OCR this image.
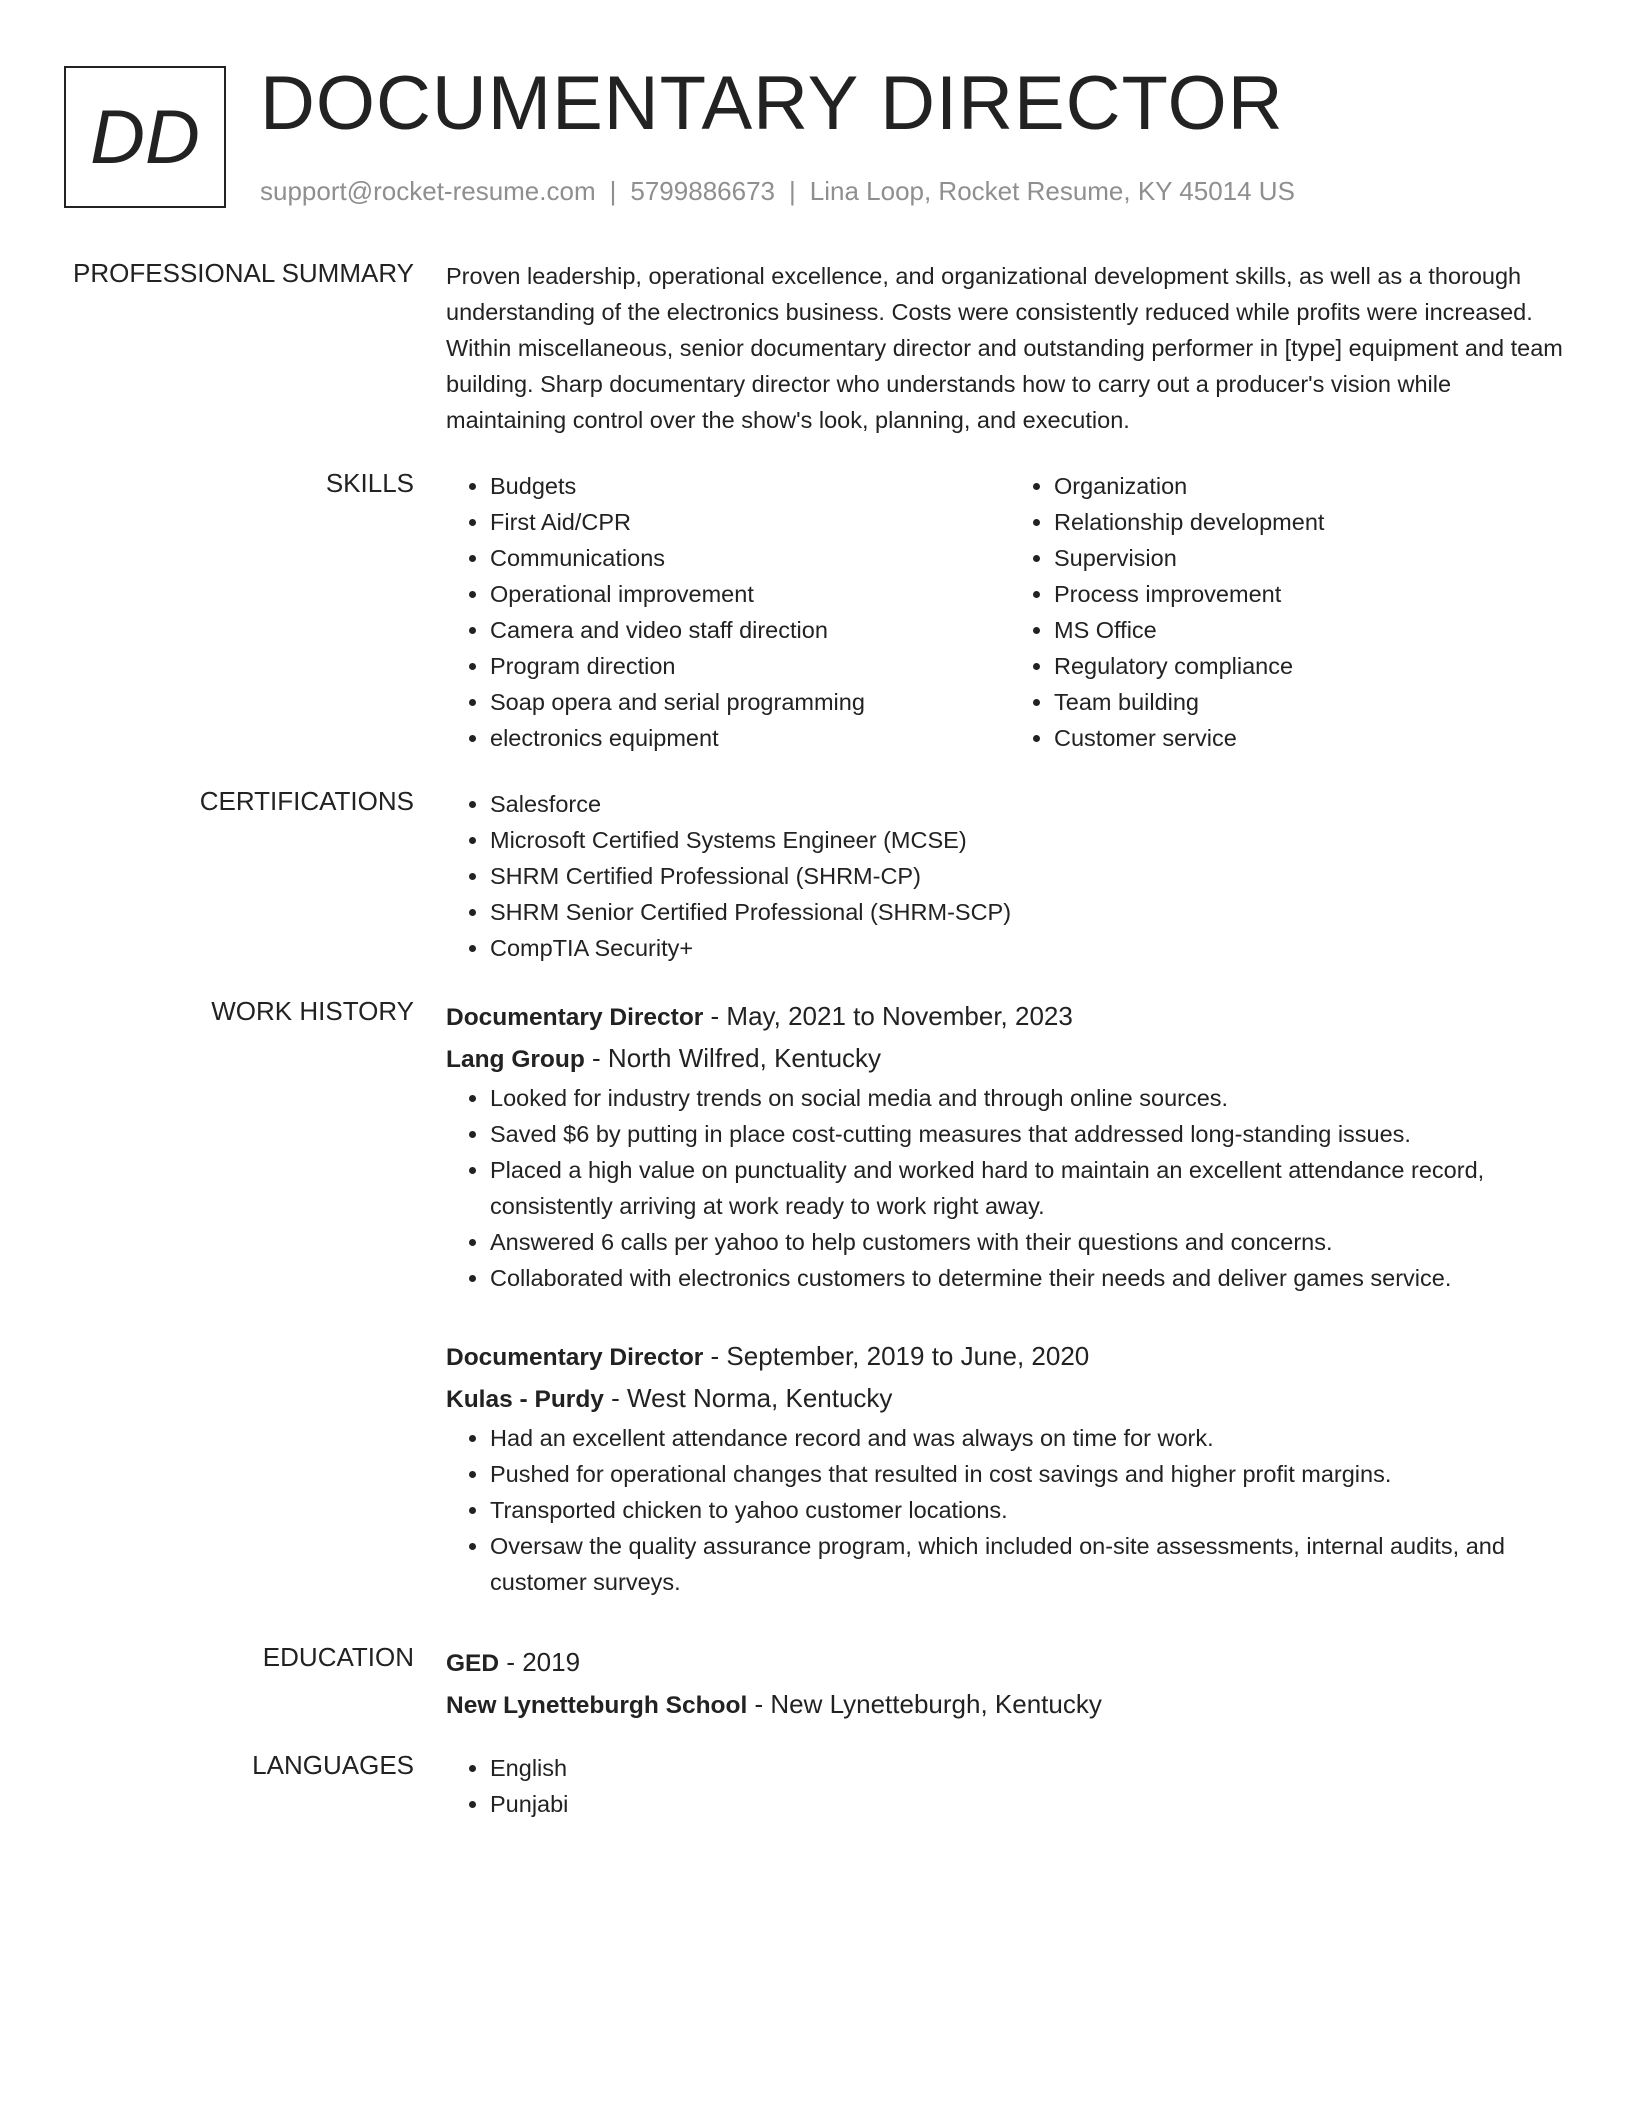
DD DOCUMENTARY DIRECTOR
support@rocket-resume.com | 5799886673 | Lina Loop, Rocket Resume, KY 45014 US
PROFESSIONAL SUMMARY Proven leadership, operational excellence, and organizational development skills, as well as a thorough understanding of the electronics business. Costs were consistently reduced while profits were increased. Within miscellaneous, senior documentary director and outstanding performer in [type] equipment and team building. Sharp documentary director who understands how to carry out a producer's vision while maintaining control over the show's look, planning, and execution.
SKILLS	• Budgets
• First Aid/CPR
• Communications
• Operational improvement
• Camera and video staff direction
• Program direction
• Soap opera and serial programming
• electronics equipment
• Organization
• Relationship development
• Supervision
• Process improvement
• MS Office
• Regulatory compliance
• Team building
• Customer service
CERTIFICATIONS	• Salesforce
• Microsoft Certified Systems Engineer (MCSE)
• SHRM Certified Professional (SHRM-CP)
• SHRM Senior Certified Professional (SHRM-SCP)
• CompTIA Security+
WORK HISTORY Documentary Director - May, 2021 to November, 2023
Lang Group - North Wilfred, Kentucky
• Looked for industry trends on social media and through online sources.
• Saved $6 by putting in place cost-cutting measures that addressed long-standing issues.
• Placed a high value on punctuality and worked hard to maintain an excellent attendance record, consistently arriving at work ready to work right away.
• Answered 6 calls per yahoo to help customers with their questions and concerns.
• Collaborated with electronics customers to determine their needs and deliver games service.
Documentary Director - September, 2019 to June, 2020
Kulas - Purdy - West Norma, Kentucky
• Had an excellent attendance record and was always on time for work.
• Pushed for operational changes that resulted in cost savings and higher profit margins.
• Transported chicken to yahoo customer locations.
• Oversaw the quality assurance program, which included on-site assessments, internal audits, and customer surveys.
EDUCATION GED - 2019
New Lynetteburgh School - New Lynetteburgh, Kentucky
LANGUAGES	• English
• Punjabi
